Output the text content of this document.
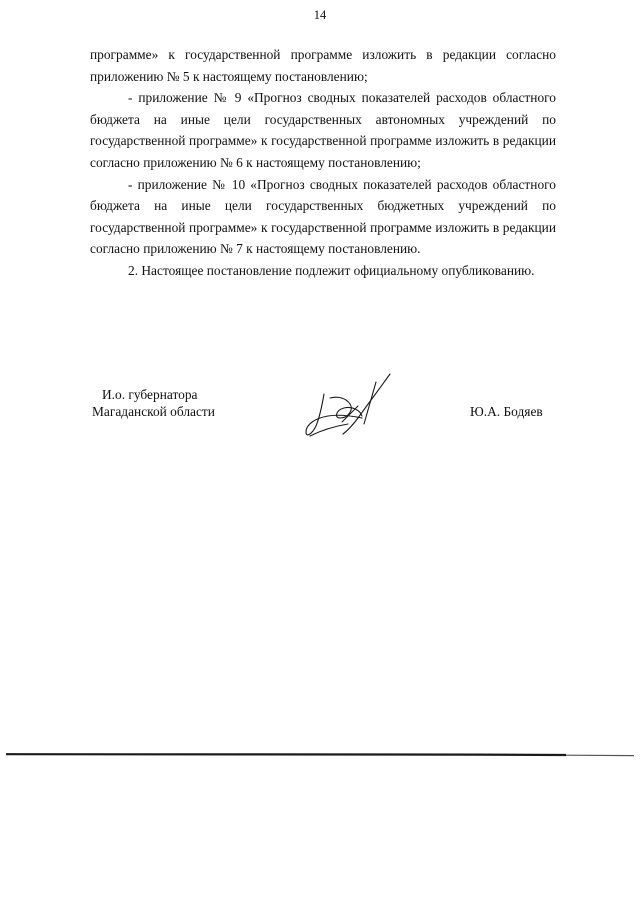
14

программе» к государственной программе изложить в редакции согласно приложению № 5 к настоящему постановлению;

- приложение № 9 «Прогноз сводных показателей расходов областного бюджета на иные цели государственных автономных учреждений по государственной программе» к государственной программе изложить в редакции согласно приложению № 6 к настоящему постановлению;

- приложение № 10 «Прогноз сводных показателей расходов областного бюджета на иные цели государственных бюджетных учреждений по государственной программе» к государственной программе изложить в редакции согласно приложению № 7 к настоящему постановлению.

2. Настоящее постановление подлежит официальному опубликованию.

И.о. губернатора
Магаданской области	Ю.А. Бодяев
